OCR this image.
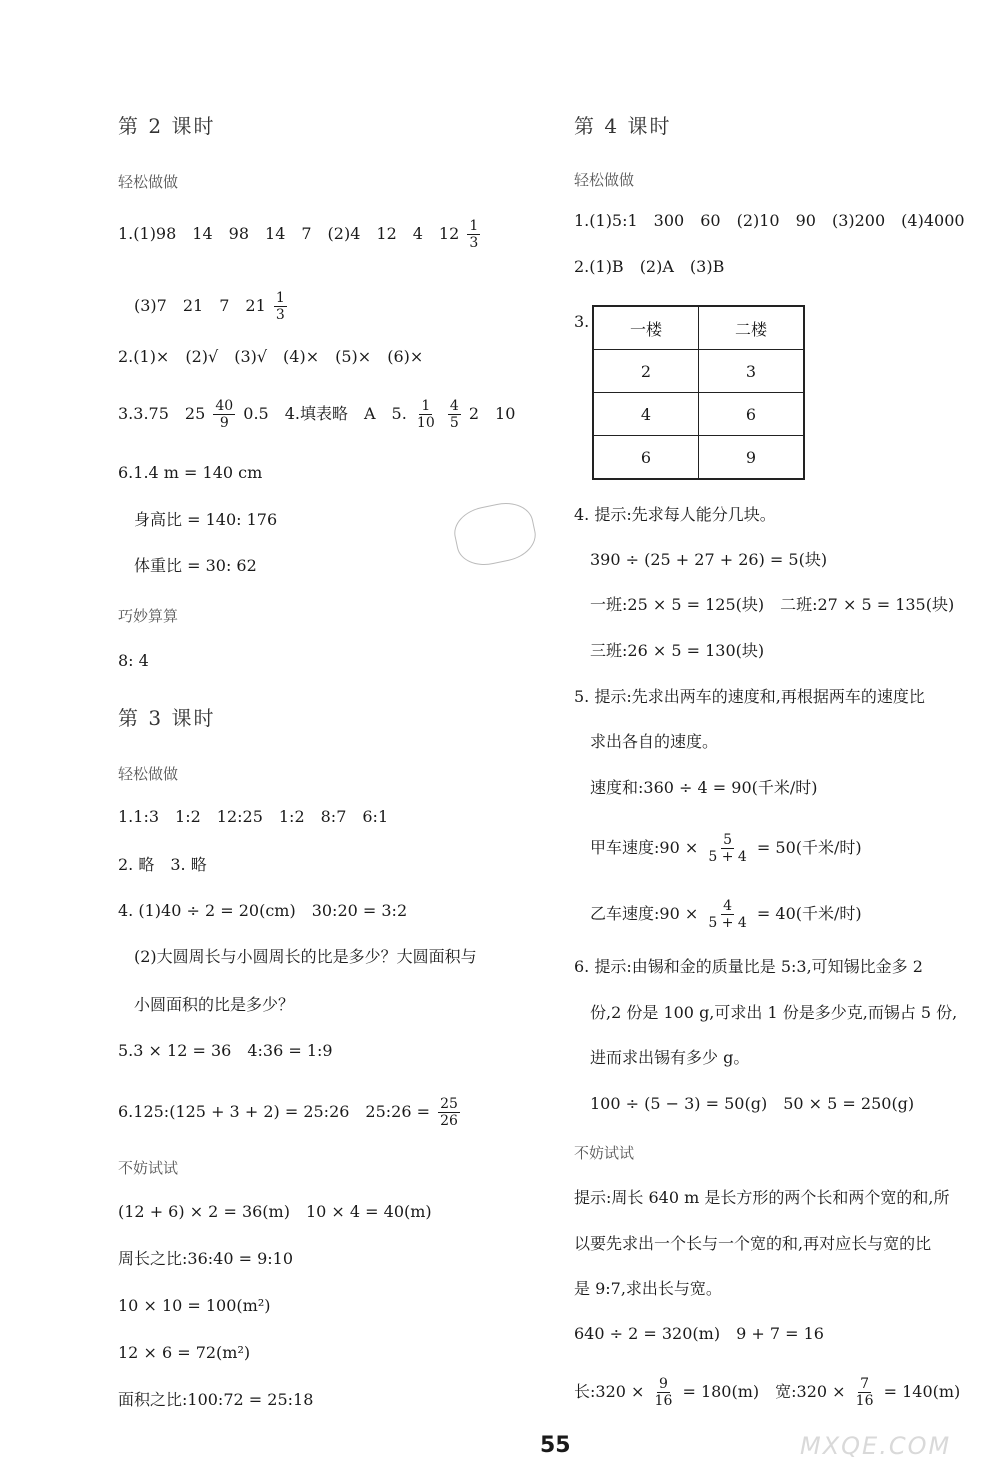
第 2 课时
轻松做做
1.(1)98　14　98　14　7　(2)4　12　4　$12 \frac{1}{3}$
(3)7　21　7　$21 \frac{1}{3}$
2.(1)×　(2)√　(3)√　(4)×　(5)×　(6)×
3.3.75　$25 \frac{40}{9} 0.5$　4.填表略　A　5. $\frac{1}{10}$
$\frac{4}{5} 2$　10
6.1.4 m = 140 cm
身高比 = 140: 176
体重比 = 30: 62
巧妙算算
8: 4
第 3 课时
轻松做做
1.1:3　1:2　12:25　1:2　8:7　6:1
2. 略　3. 略
4. (1)40 ÷ 2 = 20(cm)　30:20 = 3:2
(2)大圆周长与小圆周长的比是多少？大圆面积与
小圆面积的比是多少？
5.3 × 12 = 36　4:36 = 1:9
6.125:(125 + 3 + 2) = 25:26　25:26 = $\frac{25}{26}$
不妨试试
(12 + 6) × 2 = 36(m)　10 × 4 = 40(m)
周长之比:36:40 = 9:10
10 × 10 = 100(m²)
12 × 6 = 72(m²)
面积之比:100:72 = 25:18
第 4 课时
轻松做做
1.(1)5:1　300　60　(2)10　90　(3)200　(4)4000
2.(1)B　(2)A　(3)B
3.	一楼	二楼
2	3
4	6
6	9
4. 提示:先求每人能分几块。
390 ÷ (25 + 27 + 26) = 5(块)
一班:25 × 5 = 125(块)　二班:27 × 5 = 135(块)
三班:26 × 5 = 130(块)
5. 提示:先求出两车的速度和,再根据两车的速度比
求出各自的速度。
速度和:360 ÷ 4 = 90(千米/时)
甲车速度:90 × $\frac{5}{5 + 4} = 50$(千米/时)
乙车速度:90 × $\frac{4}{5 + 4} = 40$(千米/时)
6. 提示:由锡和金的质量比是 5:3,可知锡比金多 2
份,2 份是 100 g,可求出 1 份是多少克,而锡占 5 份,
进而求出锡有多少 g。
100 ÷ (5 − 3) = 50(g)　50 × 5 = 250(g)
不妨试试
提示:周长 640 m 是长方形的两个长和两个宽的和,所
以要先求出一个长与一个宽的和,再对应长与宽的比
是 9:7,求出长与宽。
640 ÷ 2 = 320(m)　9 + 7 = 16
长:320 × $\frac{9}{16} = 180(m)$　宽:320 × $\frac{7}{16} = 140(m)$
55	MXQE.COM
